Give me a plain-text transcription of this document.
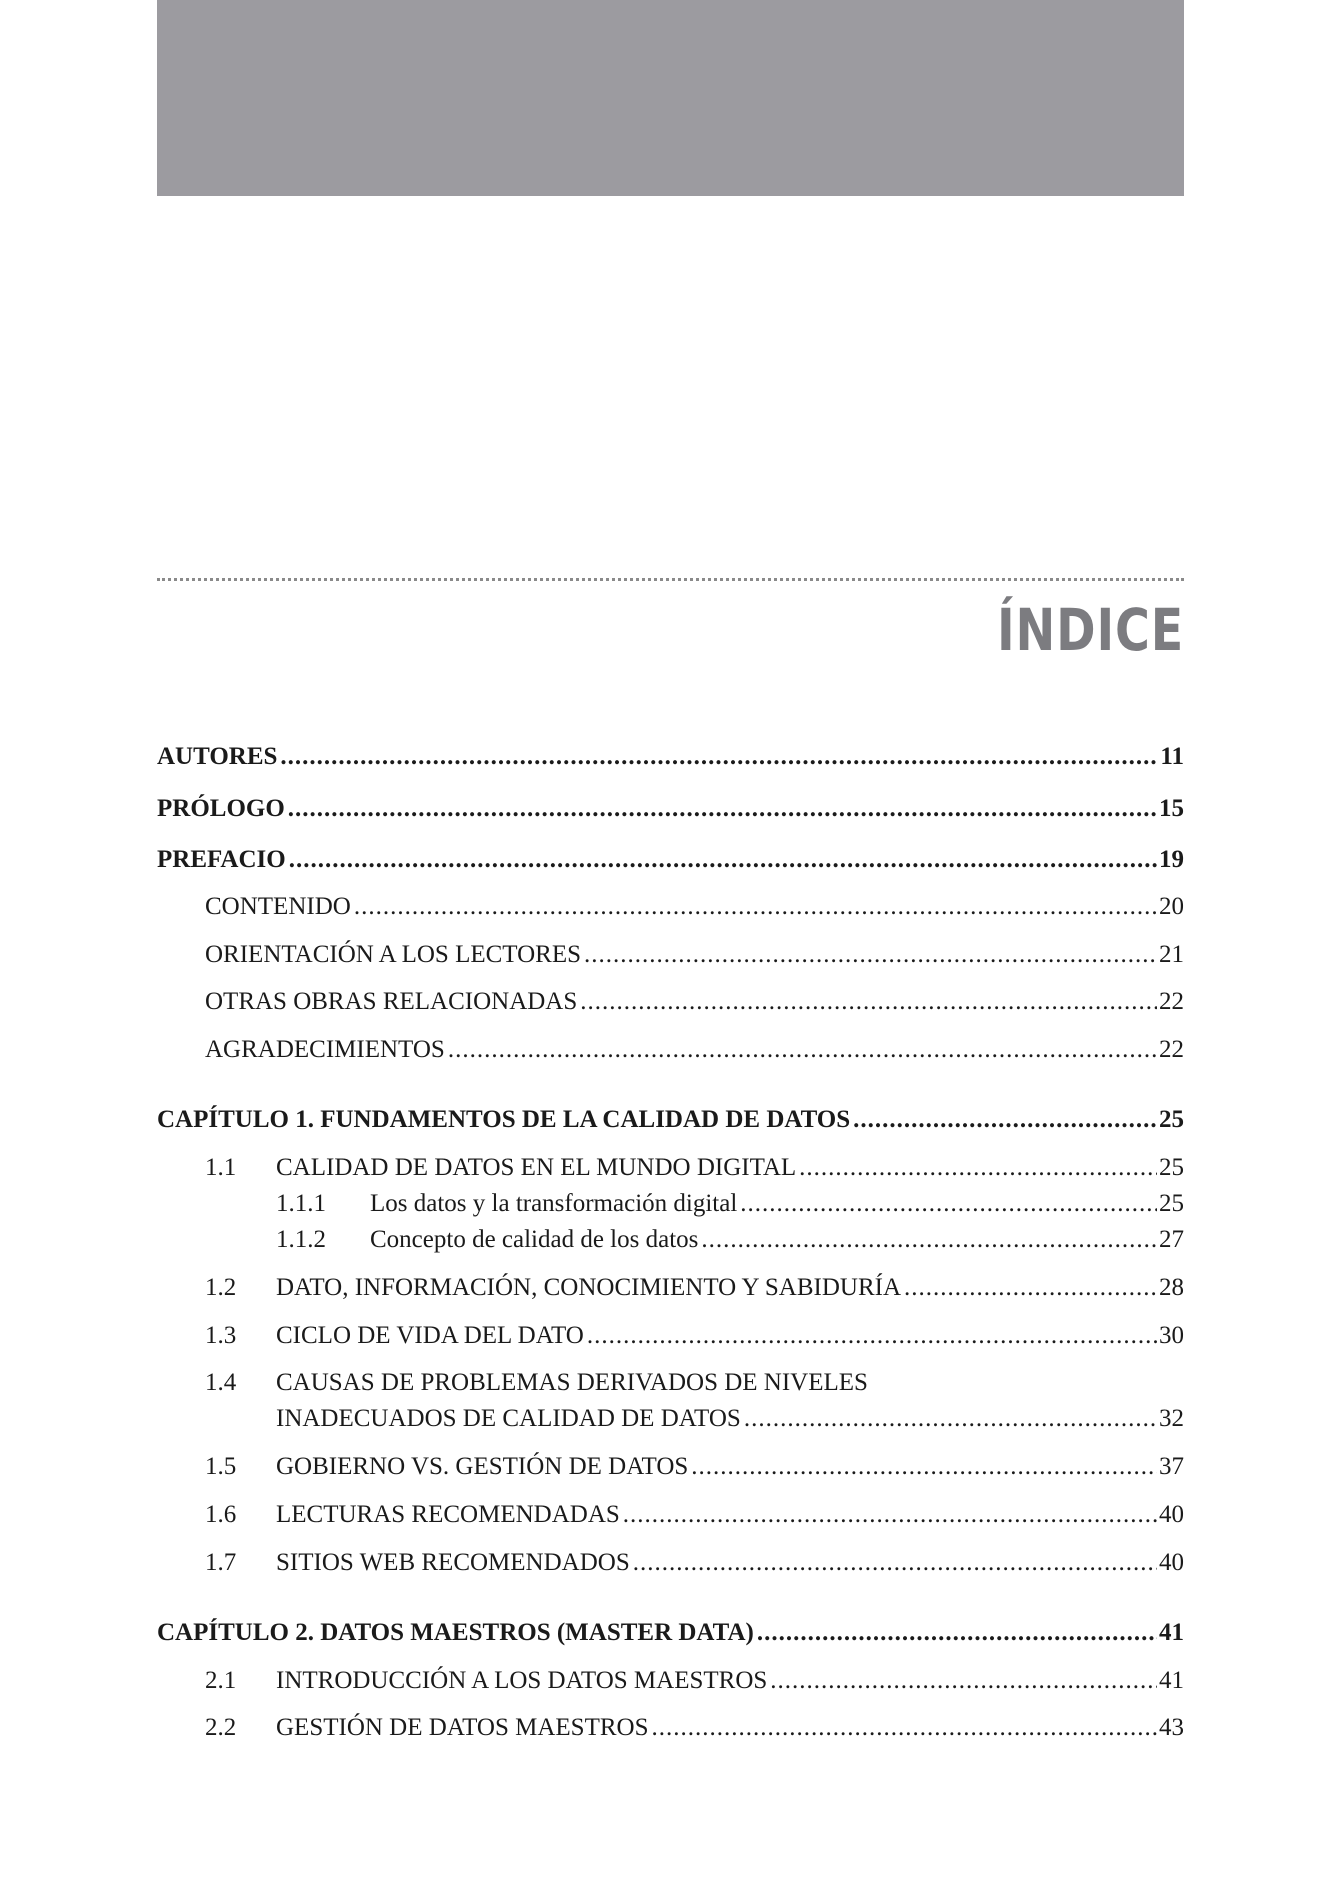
ÍNDICE
AUTORES .....	11
PRÓLOGO .....	15
PREFACIO .....	19
CONTENIDO .....	20
ORIENTACIÓN A LOS LECTORES .....	21
OTRAS OBRAS RELACIONADAS .....	22
AGRADECIMIENTOS .....	22
CAPÍTULO 1. FUNDAMENTOS DE LA CALIDAD DE DATOS .....	25
1.1 CALIDAD DE DATOS EN EL MUNDO DIGITAL .....	25
1.1.1 Los datos y la transformación digital .....	25
1.1.2 Concepto de calidad de los datos .....	27
1.2 DATO, INFORMACIÓN, CONOCIMIENTO Y SABIDURÍA .....	28
1.3 CICLO DE VIDA DEL DATO .....	30
1.4 CAUSAS DE PROBLEMAS DERIVADOS DE NIVELES
INADECUADOS DE CALIDAD DE DATOS .....	32
1.5 GOBIERNO VS. GESTIÓN DE DATOS .....	37
1.6 LECTURAS RECOMENDADAS .....	40
1.7 SITIOS WEB RECOMENDADOS .....	40
CAPÍTULO 2. DATOS MAESTROS (MASTER DATA) .....	41
2.1 INTRODUCCIÓN A LOS DATOS MAESTROS .....	41
2.2 GESTIÓN DE DATOS MAESTROS .....	43
